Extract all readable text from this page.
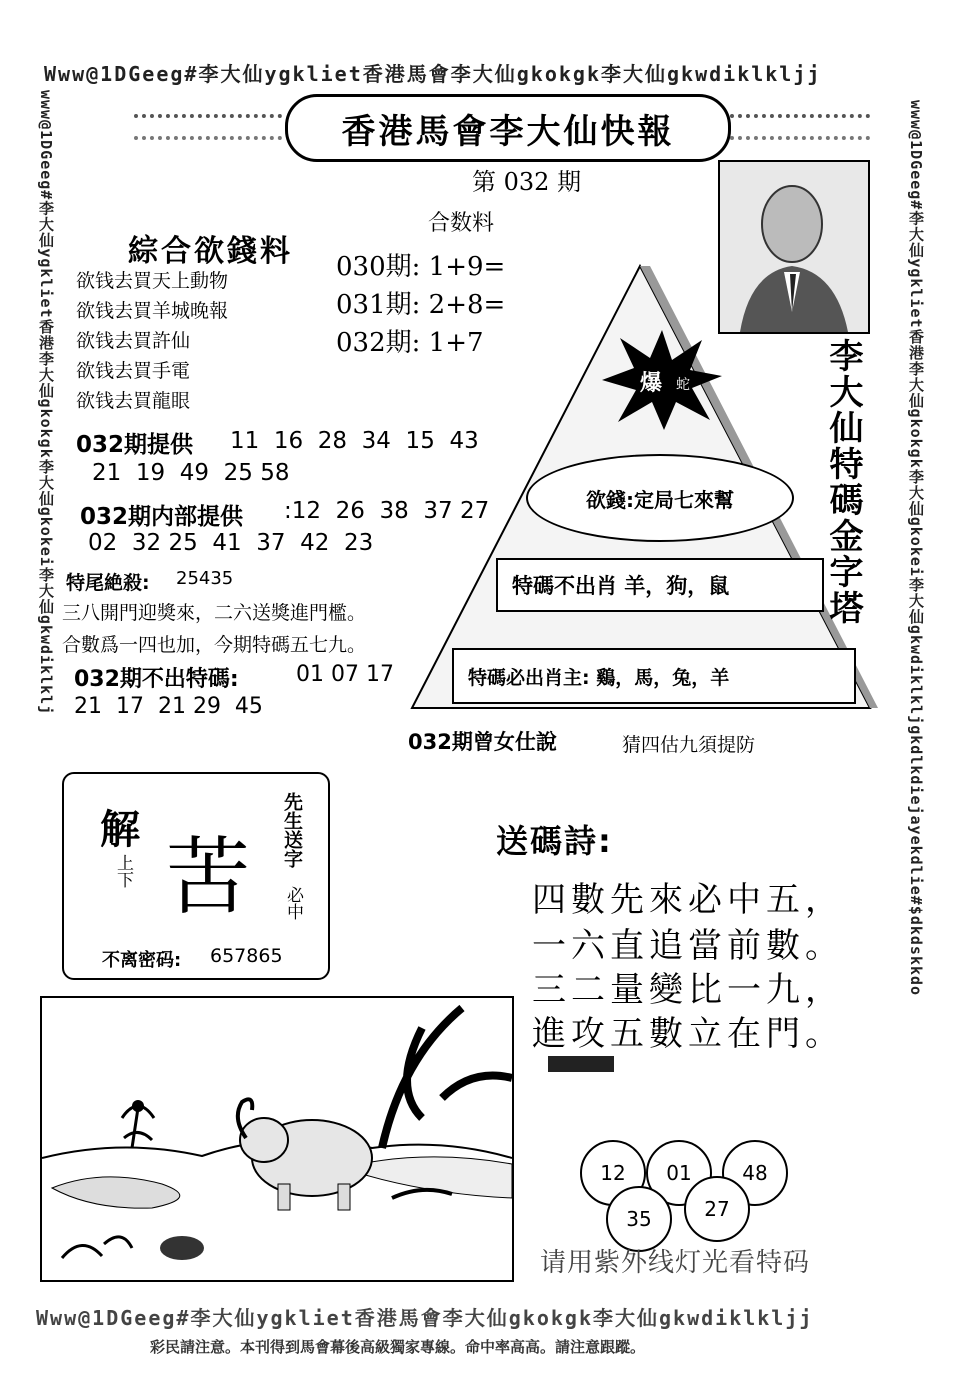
Www@1DGeeg#李大仙ygkliet香港馬會李大仙gkokgk李大仙gkwdiklkljj
www@1DGeeg#李大仙ygkliet香港李大仙gkokgk李大仙gkokei李大仙gkwdiklklj	www@1DGeeg#李大仙ygkliet香港李大仙gkokgk李大仙gkokei李大仙gkwdiklkljgkdlkdiejayekdlie#$dkdskkdo
Www@1DGeeg#李大仙ygkliet香港馬會李大仙gkokgk李大仙gkwdiklkljj
彩民請注意。本刊得到馬會幕後高級獨家專線。命中率高高。請注意跟蹤。
香港馬會李大仙快報
第 032 期
合数料
030期: 1+9=
031期: 2+8=
032期: 1+7
綜合欲錢料
欲钱去買天上動物
欲钱去買羊城晚報
欲钱去買許仙
欲钱去買手電
欲钱去買龍眼
032期提供 11  16  28  34  15  43
21  19  49  25 58
032期内部提供 :12  26  38  37 27
02  32 25  41  37  42  23
特尾絶殺: 25435
三八開門迎獎來，二六送獎進門檻。
合數爲一四也加，今期特碼五七九。
032期不出特碼:	01 07 17
21  17  21 29  45
爆 蛇
欲錢:定局七來幫
特碼不出肖 羊，狗，鼠
特碼必出肖主: 鷄，馬，兔，羊
李大仙特碼金字塔
032期曾女仕說	猜四估九須提防
解
上下 苦 先生送字
必中
不离密码: 657865
送碼詩:
四數先來必中五，
一六直追當前數。
三二量變比一九，
進攻五數立在門。
12	01	48
35	27
请用紫外线灯光看特码
